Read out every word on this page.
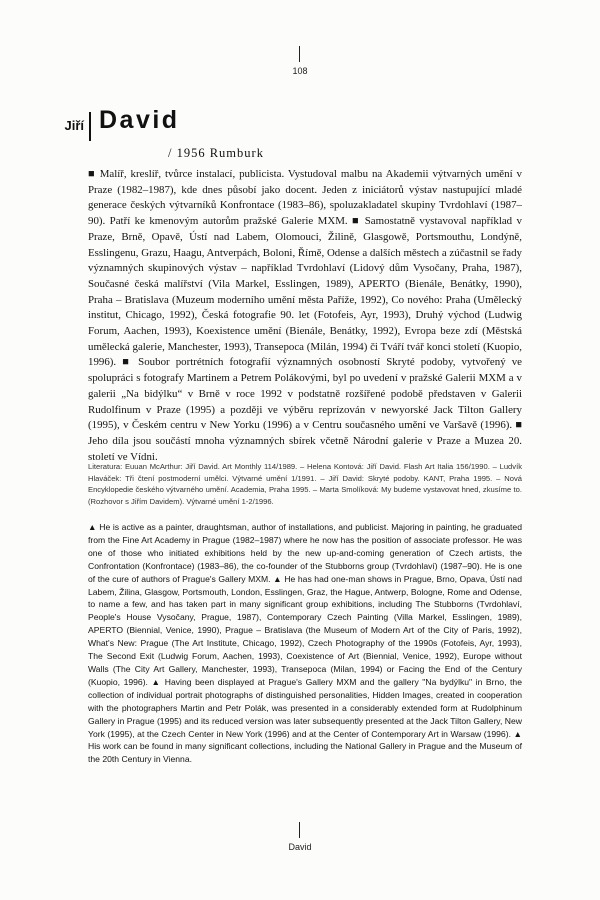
108
Jiří David
/ 1956 Rumburk

■ Malíř, kreslíř, tvůrce instalací, publicista. Vystudoval malbu na Akademii výtvarných umění v Praze (1982–1987), kde dnes působí jako docent. Jeden z iniciátorů výstav nastupující mladé generace českých výtvarníků Konfrontace (1983–86), spoluzakladatel skupiny Tvrdohlaví (1987–90). Patří ke kmenovým autorům pražské Galerie MXM. ■ Samostatně vystavoval například v Praze, Brně, Opavě, Ústí nad Labem, Olomouci, Žilině, Glasgowě, Portsmouthu, Londýně, Esslingenu, Grazu, Haagu, Antverpách, Boloni, Římě, Odense a dalších městech a zúčastnil se řady významných skupinových výstav – například Tvrdohlaví (Lidový dům Vysočany, Praha, 1987), Současné česká malířství (Vila Markel, Esslingen, 1989), APERTO (Bienále, Benátky, 1990), Praha – Bratislava (Muzeum moderního umění města Paříže, 1992), Co nového: Praha (Umělecký institut, Chicago, 1992), Česká fotografie 90. let (Fotofeis, Ayr, 1993), Druhý východ (Ludwig Forum, Aachen, 1993), Koexistence umění (Bienále, Benátky, 1992), Evropa beze zdí (Městská umělecká galerie, Manchester, 1993), Transepoca (Milán, 1994) či Tváří tvář konci století (Kuopio, 1996). ■ Soubor portrétních fotografií významných osobností Skryté podoby, vytvořený ve spolupráci s fotografy Martinem a Petrem Polákovými, byl po uvedení v pražské Galerii MXM a v galerii „Na bidýlku“ v Brně v roce 1992 v podstatně rozšířené podobě představen v Galerii Rudolfinum v Praze (1995) a později ve výběru reprízován v newyorské Jack Tilton Gallery (1995), v Českém centru v New Yorku (1996) a v Centru současného umění ve Varšavě (1996). ■ Jeho díla jsou součástí mnoha významných sbírek včetně Národní galerie v Praze a Muzea 20. století ve Vídni.

Literatura: Euuan McArthur: Jiří David. Art Monthly 114/1989. – Helena Kontová: Jiří David. Flash Art Italia 156/1990. – Ludvík Hlaváček: Tři čtení postmoderní umělci. Výtvarné umění 1/1991. – Jiří David: Skryté podoby. KANT, Praha 1995. – Nová Encyklopedie českého výtvarného umění. Academia, Praha 1995. – Marta Smolíková: My budeme vystavovat hned, zkusíme to. (Rozhovor s Jiřím Davidem). Výtvarné umění 1-2/1996.

▲ He is active as a painter, draughtsman, author of installations, and publicist. Majoring in painting, he graduated from the Fine Art Academy in Prague (1982–1987) where he now has the position of associate professor. He was one of those who initiated exhibitions held by the new up-and-coming generation of Czech artists, the Confrontation (Konfrontace) (1983–86), the co-founder of the Stubborns group (Tvrdohlaví) (1987–90). He is one of the cure of authors of Prague's Gallery MXM. ▲ He has had one-man shows in Prague, Brno, Opava, Ústí nad Labem, Žilina, Glasgow, Portsmouth, London, Esslingen, Graz, the Hague, Antwerp, Bologne, Rome and Odense, to name a few, and has taken part in many significant group exhibitions, including The Stubborns (Tvrdohlaví, People's House Vysočany, Prague, 1987), Contemporary Czech Painting (Villa Markel, Esslingen, 1989), APERTO (Biennial, Venice, 1990), Prague – Bratislava (the Museum of Modern Art of the City of Paris, 1992), What's New: Prague (The Art Institute, Chicago, 1992), Czech Photography of the 1990s (Fotofeis, Ayr, 1993), The Second Exit (Ludwig Forum, Aachen, 1993), Coexistence of Art (Biennial, Venice, 1992), Europe without Walls (The City Art Gallery, Manchester, 1993), Transepoca (Milan, 1994) or Facing the End of the Century (Kuopio, 1996). ▲ Having been displayed at Prague's Gallery MXM and the gallery "Na bydýlku" in Brno, the collection of individual portrait photographs of distinguished personalities, Hidden Images, created in cooperation with the photographers Martin and Petr Polák, was presented in a considerably extended form at Rudolphinum Gallery in Prague (1995) and its reduced version was later subsequently presented at the Jack Tilton Gallery, New York (1995), at the Czech Center in New York (1996) and at the Center of Contemporary Art in Warsaw (1996). ▲ His work can be found in many significant collections, including the National Gallery in Prague and the Museum of the 20th Century in Vienna.

David
